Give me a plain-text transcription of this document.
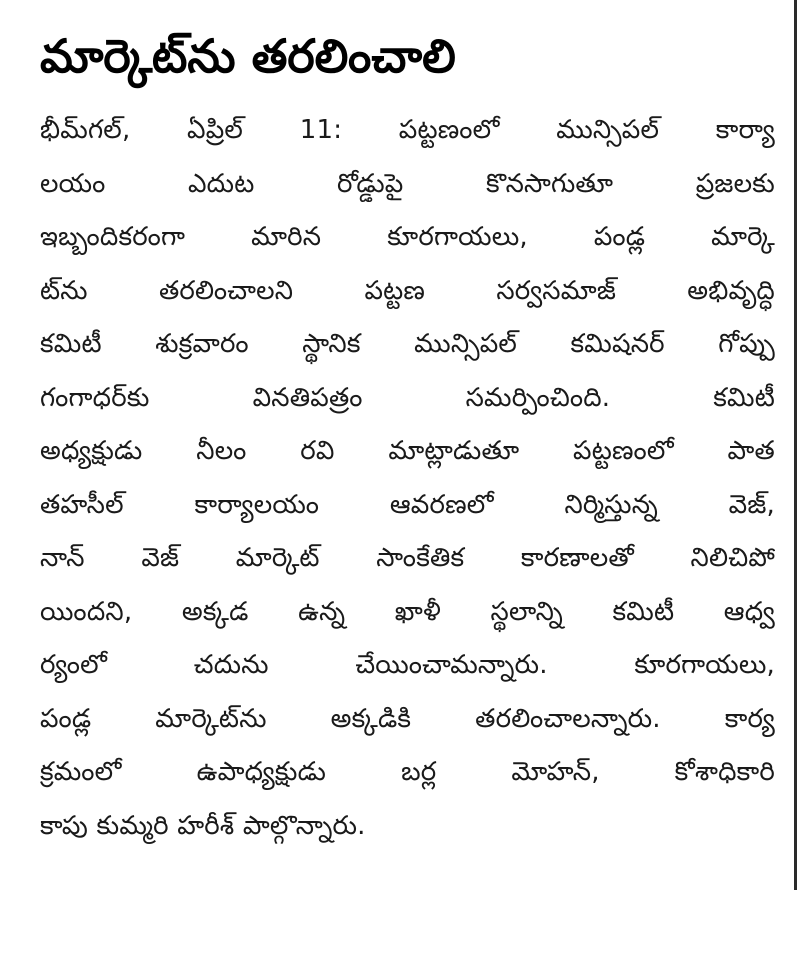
మార్కెట్‌ను తరలించాలి
భీమ్‌గల్, ఏప్రిల్ 11: పట్టణంలో మున్సిపల్ కార్యా
లయం ఎదుట రోడ్డుపై కొనసాగుతూ ప్రజలకు
ఇబ్బందికరంగా మారిన కూరగాయలు, పండ్ల మార్కె
ట్‌ను తరలించాలని పట్టణ సర్వసమాజ్ అభివృద్ధి
కమిటీ శుక్రవారం స్థానిక మున్సిపల్ కమిషనర్ గోప్పు
గంగాధర్‌కు వినతిపత్రం సమర్పించింది. కమిటీ
అధ్యక్షుడు నీలం రవి మాట్లాడుతూ పట్టణంలో పాత
తహసీల్ కార్యాలయం ఆవరణలో నిర్మిస్తున్న వెజ్,
నాన్ వెజ్ మార్కెట్ సాంకేతిక కారణాలతో నిలిచిపో
యిందని, అక్కడ ఉన్న ఖాళీ స్థలాన్ని కమిటీ ఆధ్వ
ర్యంలో చదును చేయించామన్నారు. కూరగాయలు,
పండ్ల మార్కెట్‌ను అక్కడికి తరలించాలన్నారు. కార్య
క్రమంలో ఉపాధ్యక్షుడు బర్ల మోహన్, కోశాధికారి
కాపు కుమ్మరి హరీశ్ పాల్గొన్నారు.
